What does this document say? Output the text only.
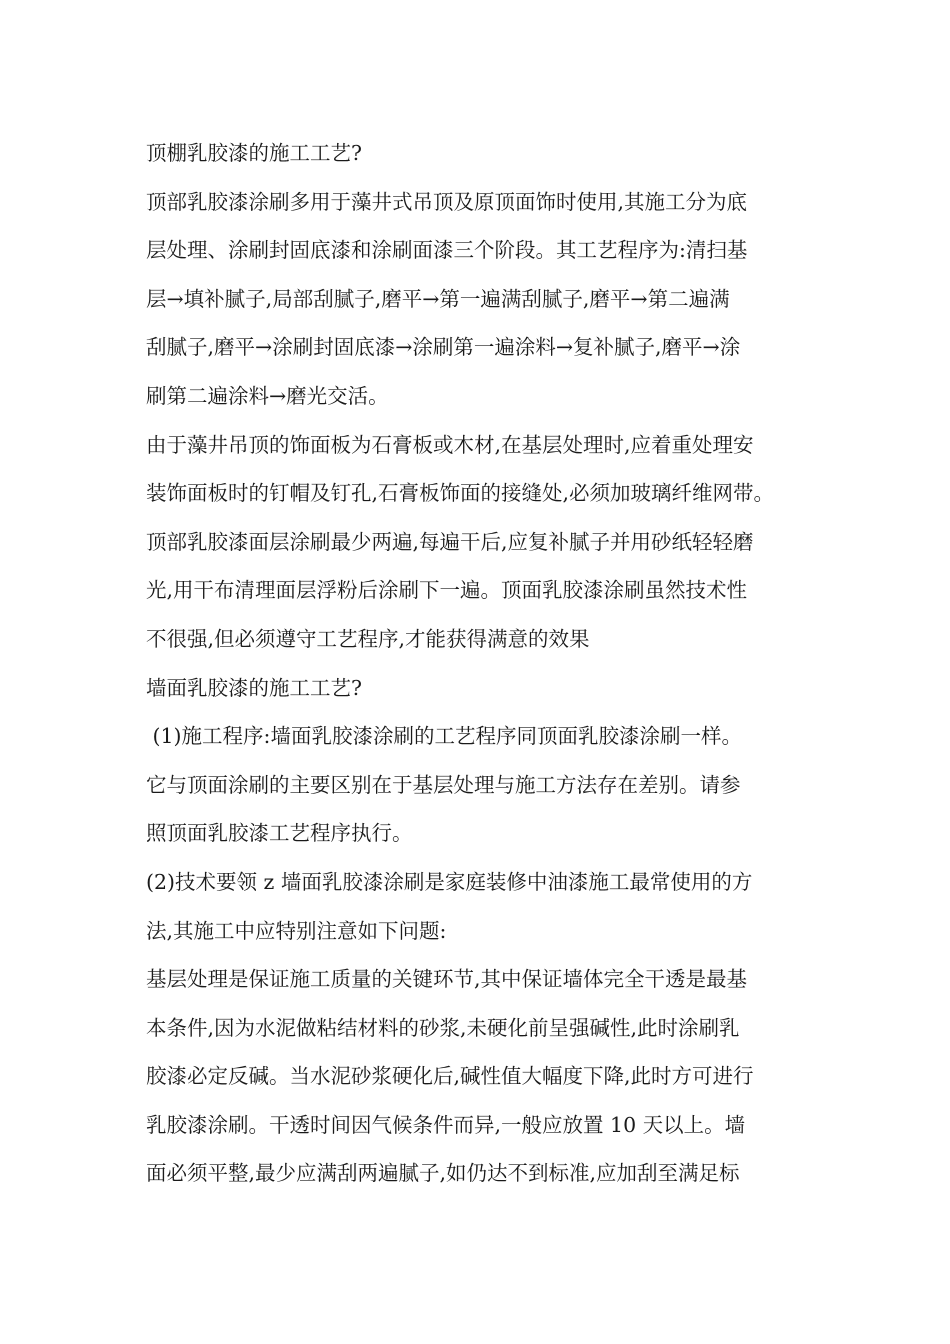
顶棚乳胶漆的施工工艺?
顶部乳胶漆涂刷多用于藻井式吊顶及原顶面饰时使用,其施工分为底
层处理、涂刷封固底漆和涂刷面漆三个阶段。其工艺程序为:清扫基
层→填补腻子,局部刮腻子,磨平→第一遍满刮腻子,磨平→第二遍满
刮腻子,磨平→涂刷封固底漆→涂刷第一遍涂料→复补腻子,磨平→涂
刷第二遍涂料→磨光交活。
由于藻井吊顶的饰面板为石膏板或木材,在基层处理时,应着重处理安
装饰面板时的钉帽及钉孔,石膏板饰面的接缝处,必须加玻璃纤维网带。
顶部乳胶漆面层涂刷最少两遍,每遍干后,应复补腻子并用砂纸轻轻磨
光,用干布清理面层浮粉后涂刷下一遍。顶面乳胶漆涂刷虽然技术性
不很强,但必须遵守工艺程序,才能获得满意的效果
墙面乳胶漆的施工工艺?
(1)施工程序:墙面乳胶漆涂刷的工艺程序同顶面乳胶漆涂刷一样。
它与顶面涂刷的主要区别在于基层处理与施工方法存在差别。请参
照顶面乳胶漆工艺程序执行。
(2)技术要领 z 墙面乳胶漆涂刷是家庭装修中油漆施工最常使用的方
法,其施工中应特别注意如下问题:
基层处理是保证施工质量的关键环节,其中保证墙体完全干透是最基
本条件,因为水泥做粘结材料的砂浆,未硬化前呈强碱性,此时涂刷乳
胶漆必定反碱。当水泥砂浆硬化后,碱性值大幅度下降,此时方可进行
乳胶漆涂刷。干透时间因气候条件而异,一般应放置 10 天以上。墙
面必须平整,最少应满刮两遍腻子,如仍达不到标准,应加刮至满足标
